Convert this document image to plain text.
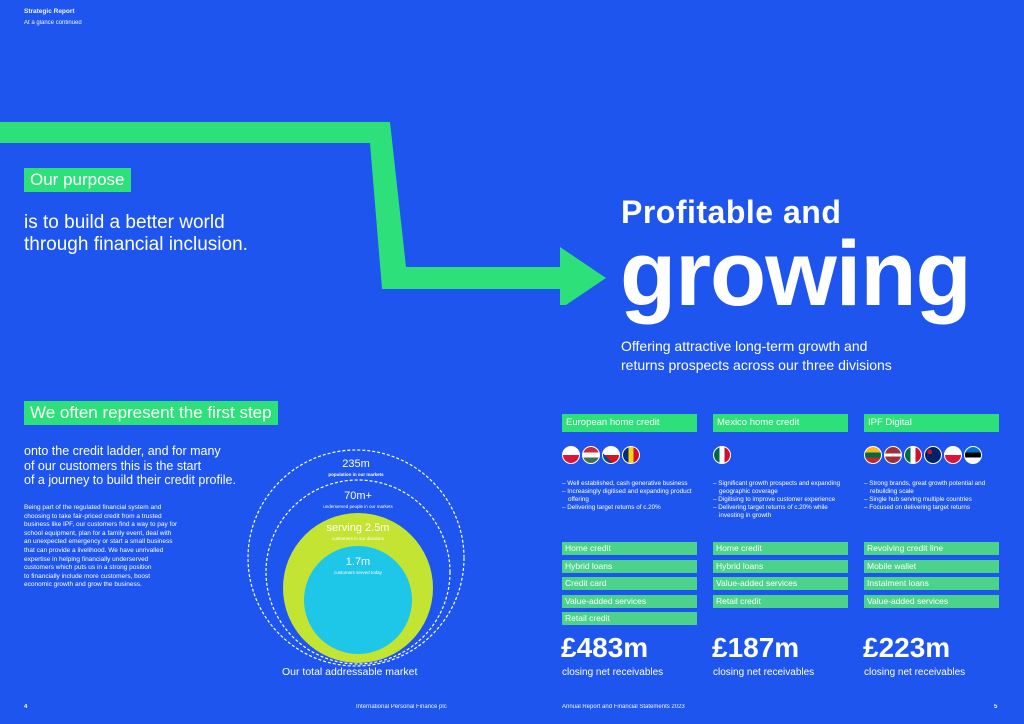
Strategic Report
At a glance continued
Our purpose
is to build a better world
through financial inclusion.
Profitable and
growing
Offering attractive long-term growth and
returns prospects across our three divisions
We often represent the first step
onto the credit ladder, and for many
of our customers this is the start
of a journey to build their credit profile.
Being part of the regulated financial system and
choosing to take fair-priced credit from a trusted
business like IPF, our customers find a way to pay for
school equipment, plan for a family event, deal with
an unexpected emergency or start a small business
that can provide a livelihood. We have unrivalled
expertise in helping financially underserved
customers which puts us in a strong position
to financially include more customers, boost
economic growth and grow the business.
235m
population in our markets
70m+
underserved people in our markets
serving 2.5m
customers in our divisions
1.7m
customers served today
Our total addressable market
European home credit
– Well established, cash generative business
– Increasingly digitised and expanding product offering
– Delivering target returns of c.20%
Home credit
Hybrid loans
Credit card
Value-added services
Retail credit
£483m
closing net receivables
Mexico home credit
– Significant growth prospects and expanding geographic coverage
– Digitising to improve customer experience
– Delivering target returns of c.20% while investing in growth
Home credit
Hybrid loans
Value-added services
Retail credit
£187m
closing net receivables
IPF Digital
– Strong brands, great growth potential and rebuilding scale
– Single hub serving multiple countries
– Focused on delivering target returns
Revolving credit line
Mobile wallet
Instalment loans
Value-added services
£223m
closing net receivables
4	International Personal Finance plc	Annual Report and Financial Statements 2023	5
